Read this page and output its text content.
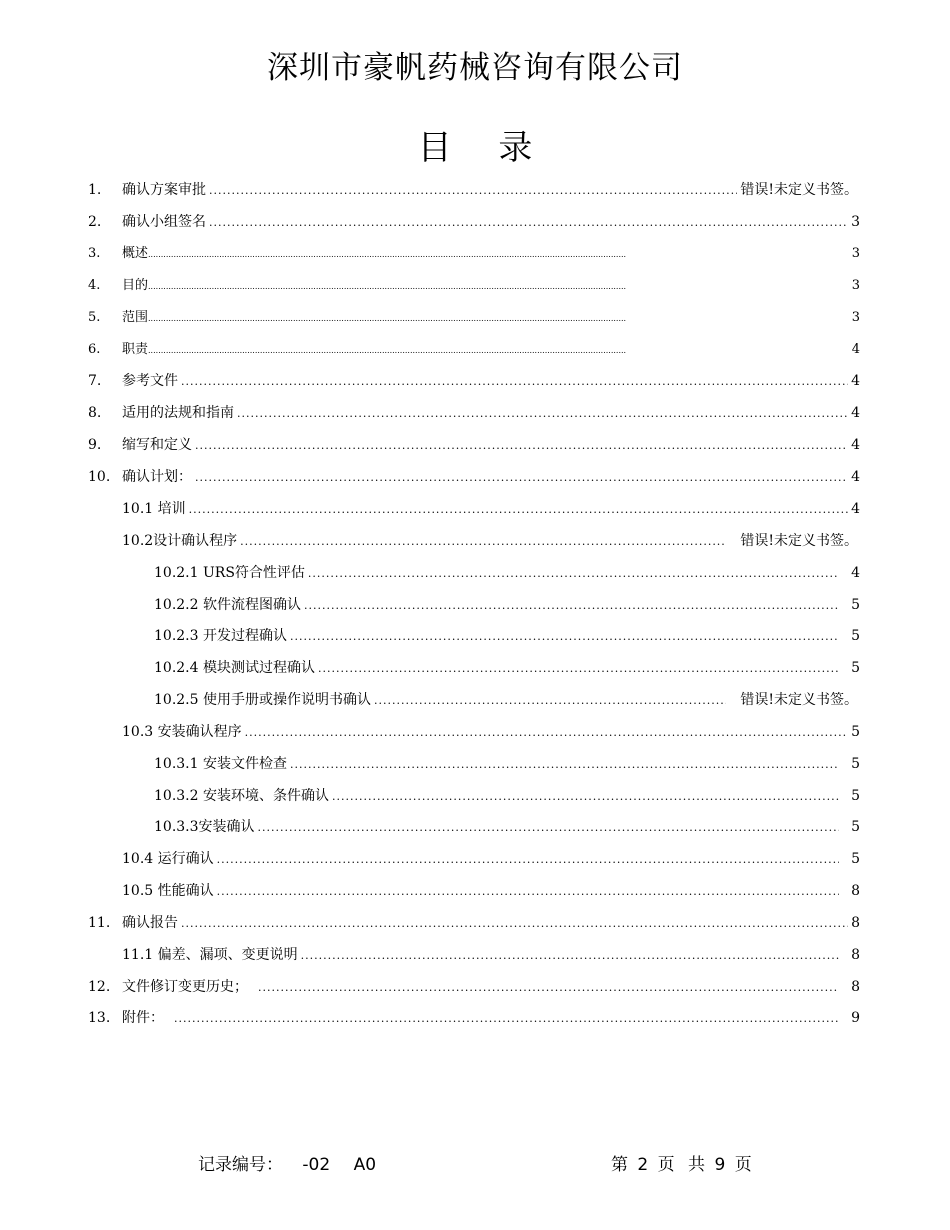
深圳市豪帆药械咨询有限公司
目 录
1.	确认方案审批 .....	错误!未定义书签。
2.	确认小组签名 .....	3
3.	概述 .....	3
4.	目的 .....	3
5.	范围 .....	3
6.	职责 .....	4
7.	参考文件 .....	4
8.	适用的法规和指南 .....	4
9.	缩写和定义 .....	4
10. 确认计划： .....	4
10.1 培训 .....	4
10.2设计确认程序 .....	错误!未定义书签。
10.2.1 URS符合性评估 .....	4
10.2.2 软件流程图确认 .....	5
10.2.3 开发过程确认 .....	5
10.2.4 模块测试过程确认 .....	5
10.2.5 使用手册或操作说明书确认 .....	错误!未定义书签。
10.3 安装确认程序 .....	5
10.3.1 安装文件检查 .....	5
10.3.2 安装环境、条件确认 .....	5
10.3.3安装确认 .....	5
10.4 运行确认 .....	5
10.5 性能确认 .....	8
11. 确认报告 .....	8
11.1 偏差、漏项、变更说明 .....	8
12. 文件修订变更历史； .....	8
13. 附件： .....	9
记录编号： -02 A0	第 2 页 共 9 页
